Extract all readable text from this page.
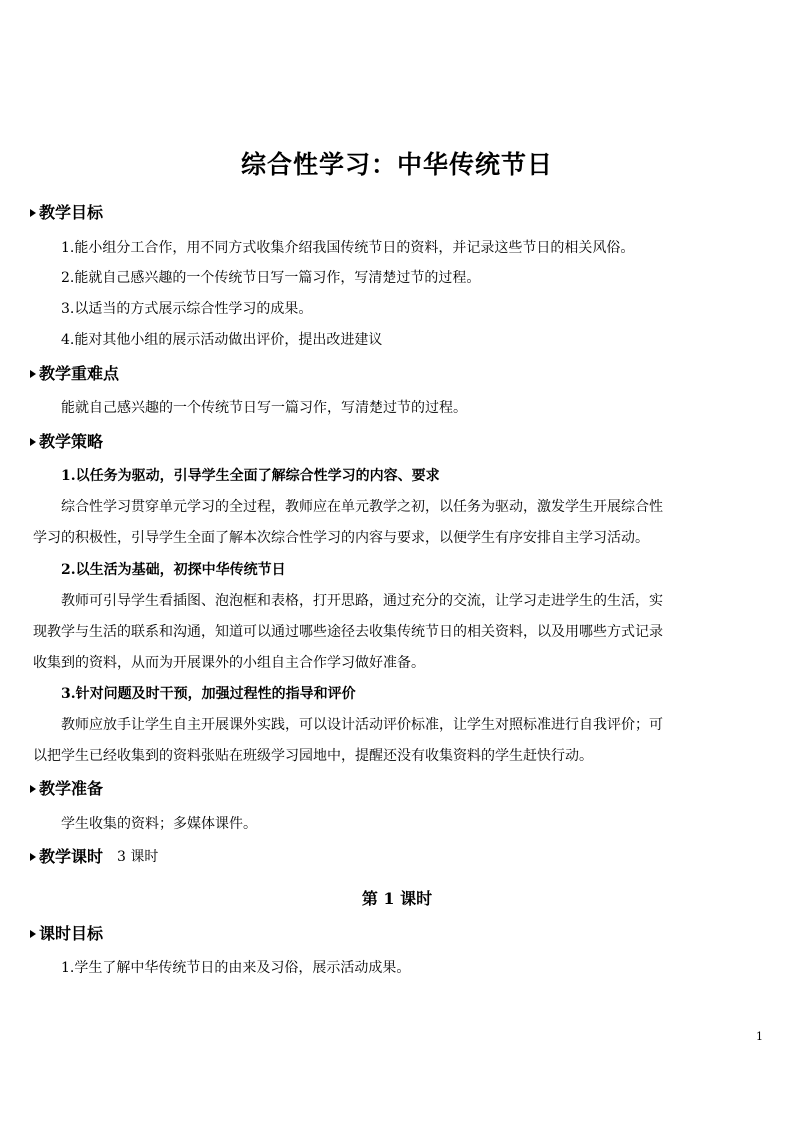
综合性学习：中华传统节日
教学目标
1.能小组分工合作，用不同方式收集介绍我国传统节日的资料，并记录这些节日的相关风俗。
2.能就自己感兴趣的一个传统节日写一篇习作，写清楚过节的过程。
3.以适当的方式展示综合性学习的成果。
4.能对其他小组的展示活动做出评价，提出改进建议
教学重难点
能就自己感兴趣的一个传统节日写一篇习作，写清楚过节的过程。
教学策略
1.以任务为驱动，引导学生全面了解综合性学习的内容、要求
综合性学习贯穿单元学习的全过程，教师应在单元教学之初，以任务为驱动，激发学生开展综合性
学习的积极性，引导学生全面了解本次综合性学习的内容与要求，以便学生有序安排自主学习活动。
2.以生活为基础，初探中华传统节日
教师可引导学生看插图、泡泡框和表格，打开思路，通过充分的交流，让学习走进学生的生活，实
现教学与生活的联系和沟通，知道可以通过哪些途径去收集传统节日的相关资料，以及用哪些方式记录
收集到的资料，从而为开展课外的小组自主合作学习做好准备。
3.针对问题及时干预，加强过程性的指导和评价
教师应放手让学生自主开展课外实践，可以设计活动评价标准，让学生对照标准进行自我评价；可
以把学生已经收集到的资料张贴在班级学习园地中，提醒还没有收集资料的学生赶快行动。
教学准备
学生收集的资料；多媒体课件。
教学课时 3 课时
第 1 课时
课时目标
1.学生了解中华传统节日的由来及习俗，展示活动成果。
1
